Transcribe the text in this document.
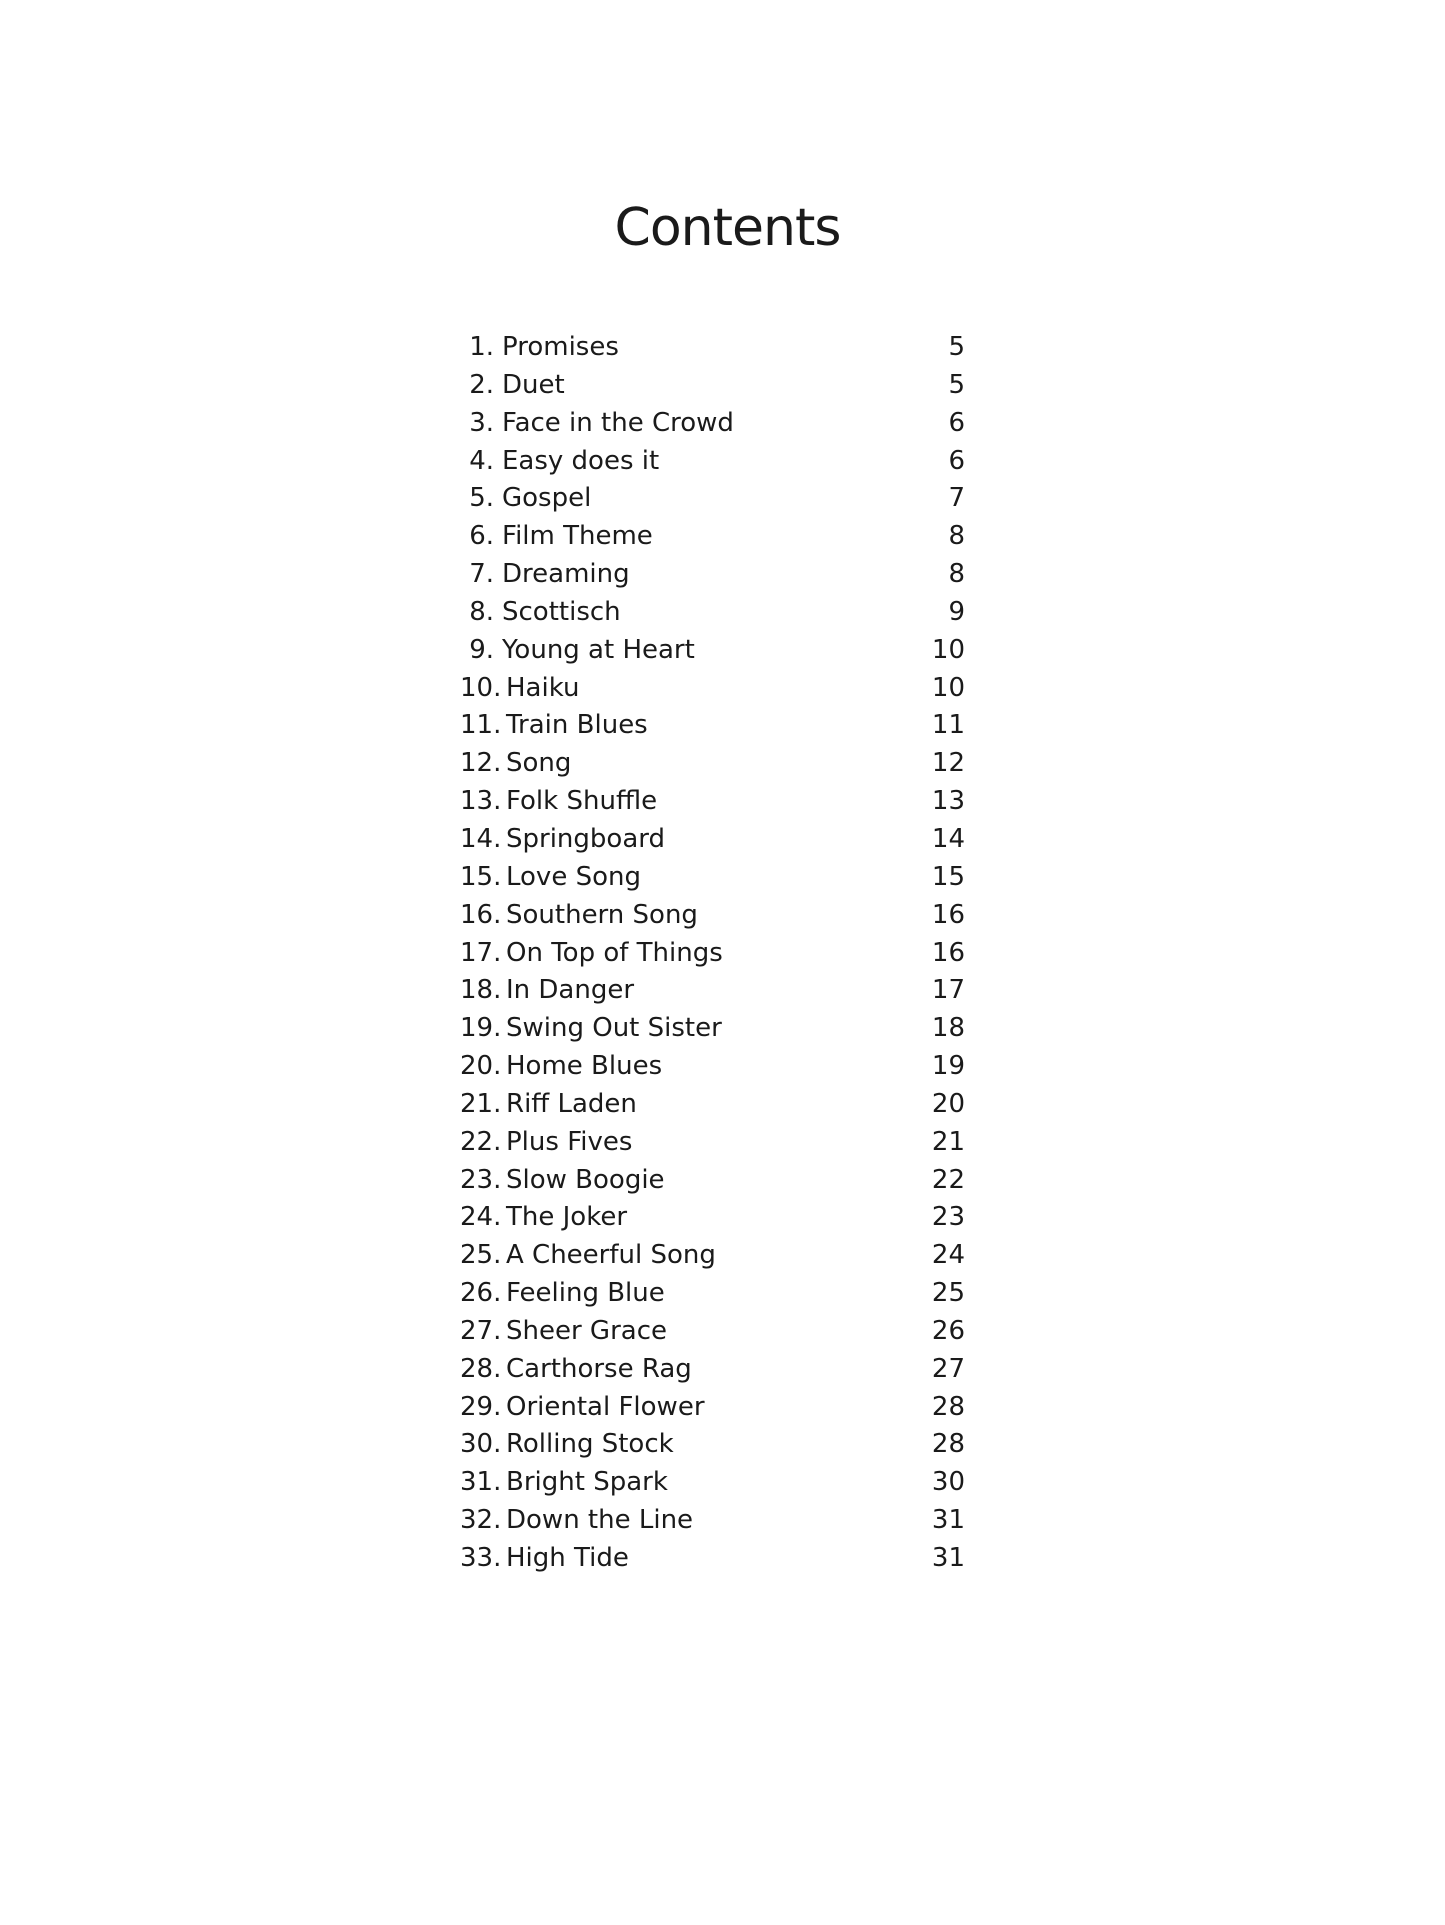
Contents
1. Promises	5
2. Duet	5
3. Face in the Crowd	6
4. Easy does it	6
5. Gospel	7
6. Film Theme	8
7. Dreaming	8
8. Scottisch	9
9. Young at Heart	10
10. Haiku	10
11. Train Blues	11
12. Song	12
13. Folk Shuffle	13
14. Springboard	14
15. Love Song	15
16. Southern Song	16
17. On Top of Things	16
18. In Danger	17
19. Swing Out Sister	18
20. Home Blues	19
21. Riff Laden	20
22. Plus Fives	21
23. Slow Boogie	22
24. The Joker	23
25. A Cheerful Song	24
26. Feeling Blue	25
27. Sheer Grace	26
28. Carthorse Rag	27
29. Oriental Flower	28
30. Rolling Stock	28
31. Bright Spark	30
32. Down the Line	31
33. High Tide	31
